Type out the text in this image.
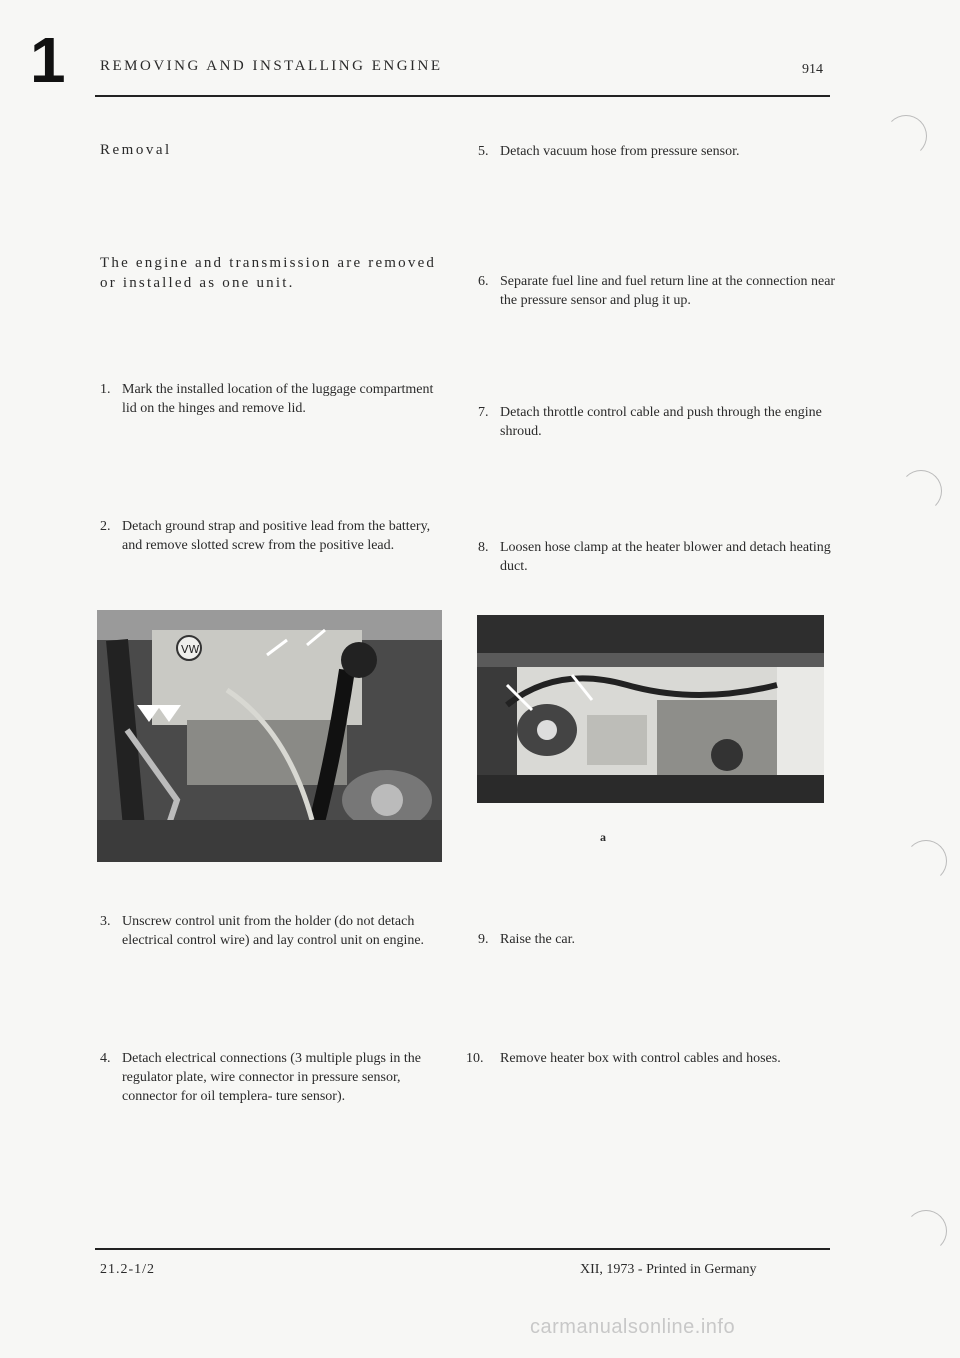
1 REMOVING AND INSTALLING ENGINE	914
Removal
The engine and transmission are removed or installed as one unit.
1. Mark the installed location of the luggage compartment lid on the hinges and remove lid.
2. Detach ground strap and positive lead from the battery, and remove slotted screw from the positive lead.
VW
3. Unscrew control unit from the holder (do not detach electrical control wire) and lay control unit on engine.
4. Detach electrical connections (3 multiple plugs in the regulator plate, wire connector in pressure sensor, connector for oil templera- ture sensor).
5. Detach vacuum hose from pressure sensor.
6. Separate fuel line and fuel return line at the connection near the pressure sensor and plug it up.
7. Detach throttle control cable and push through the engine shroud.
8. Loosen hose clamp at the heater blower and detach heating duct.
a
9. Raise the car.
10.	Remove heater box with control cables and hoses.
21.2-1/2	XII, 1973 - Printed in Germany
carmanualsonline.info
